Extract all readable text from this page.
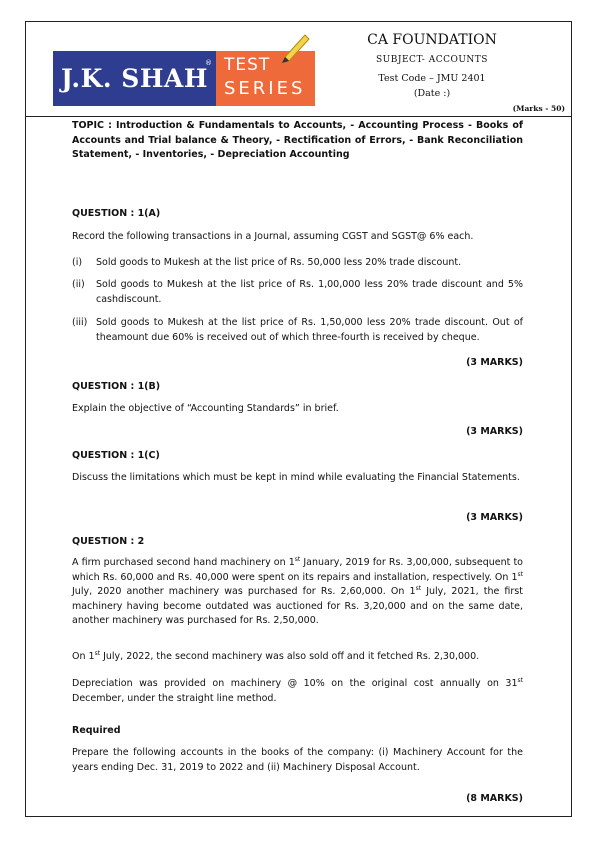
J.K. SHAH
® TEST
SERIES
CA FOUNDATION
SUBJECT- ACCOUNTS
Test Code – JMU 2401
(Date :)
(Marks - 50)
TOPIC : Introduction & Fundamentals to Accounts, - Accounting Process - Books of Accounts and Trial balance & Theory, - Rectification of Errors, - Bank Reconciliation Statement, - Inventories, - Depreciation Accounting
QUESTION : 1(A)
Record the following transactions in a Journal, assuming CGST and SGST@ 6% each.
(i) Sold goods to Mukesh at the list price of Rs. 50,000 less 20% trade discount.
(ii) Sold goods to Mukesh at the list price of Rs. 1,00,000 less 20% trade discount and 5% cashdiscount.
(iii) Sold goods to Mukesh at the list price of Rs. 1,50,000 less 20% trade discount. Out of theamount due 60% is received out of which three-fourth is received by cheque.
(3 MARKS)
QUESTION : 1(B)
Explain the objective of “Accounting Standards” in brief.
(3 MARKS)
QUESTION : 1(C)
Discuss the limitations which must be kept in mind while evaluating the Financial Statements.
(3 MARKS)
QUESTION : 2
A firm purchased second hand machinery on 1st January, 2019 for Rs. 3,00,000, subsequent to which Rs. 60,000 and Rs. 40,000 were spent on its repairs and installation, respectively. On 1st July, 2020 another machinery was purchased for Rs. 2,60,000. On 1st July, 2021, the first machinery having become outdated was auctioned for Rs. 3,20,000 and on the same date, another machinery was purchased for Rs. 2,50,000.
On 1st July, 2022, the second machinery was also sold off and it fetched Rs. 2,30,000.
Depreciation was provided on machinery @ 10% on the original cost annually on 31st December, under the straight line method.
Required
Prepare the following accounts in the books of the company: (i) Machinery Account for the years ending Dec. 31, 2019 to 2022 and (ii) Machinery Disposal Account.
(8 MARKS)
